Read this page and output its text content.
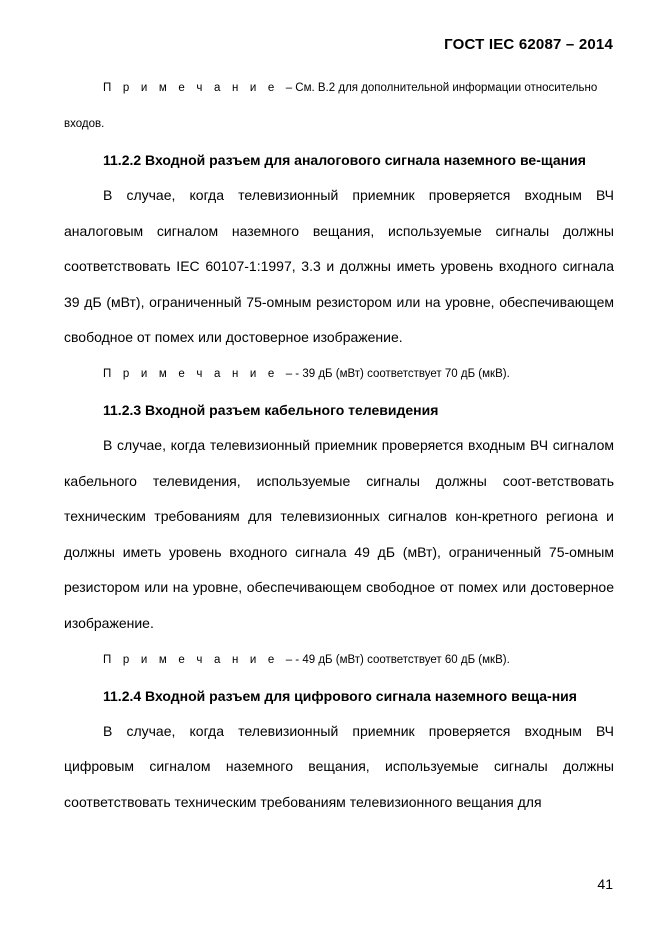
ГОСТ IEC 62087 – 2014

П р и м е ч а н и е – См. В.2 для дополнительной информации относительно входов.

11.2.2 Входной разъем для аналогового сигнала наземного ве-щания

В случае, когда телевизионный приемник проверяется входным ВЧ аналоговым сигналом наземного вещания, используемые сигналы должны соответствовать IEC 60107-1:1997, 3.3 и должны иметь уровень входного сигнала 39 дБ (мВт), ограниченный 75-омным резистором или на уровне, обеспечивающем свободное от помех или достоверное изображение.

П р и м е ч а н и е – - 39 дБ (мВт) соответствует 70 дБ (мкВ).

11.2.3 Входной разъем кабельного телевидения

В случае, когда телевизионный приемник проверяется входным ВЧ сигналом кабельного телевидения, используемые сигналы должны соот-ветствовать техническим требованиям для телевизионных сигналов кон-кретного региона и должны иметь уровень входного сигнала 49 дБ (мВт), ограниченный 75-омным резистором или на уровне, обеспечивающем свободное от помех или достоверное изображение.

П р и м е ч а н и е – - 49 дБ (мВт) соответствует 60 дБ (мкВ).

11.2.4 Входной разъем для цифрового сигнала наземного веща-ния

В случае, когда телевизионный приемник проверяется входным ВЧ цифровым сигналом наземного вещания, используемые сигналы должны соответствовать техническим требованиям телевизионного вещания для

41
